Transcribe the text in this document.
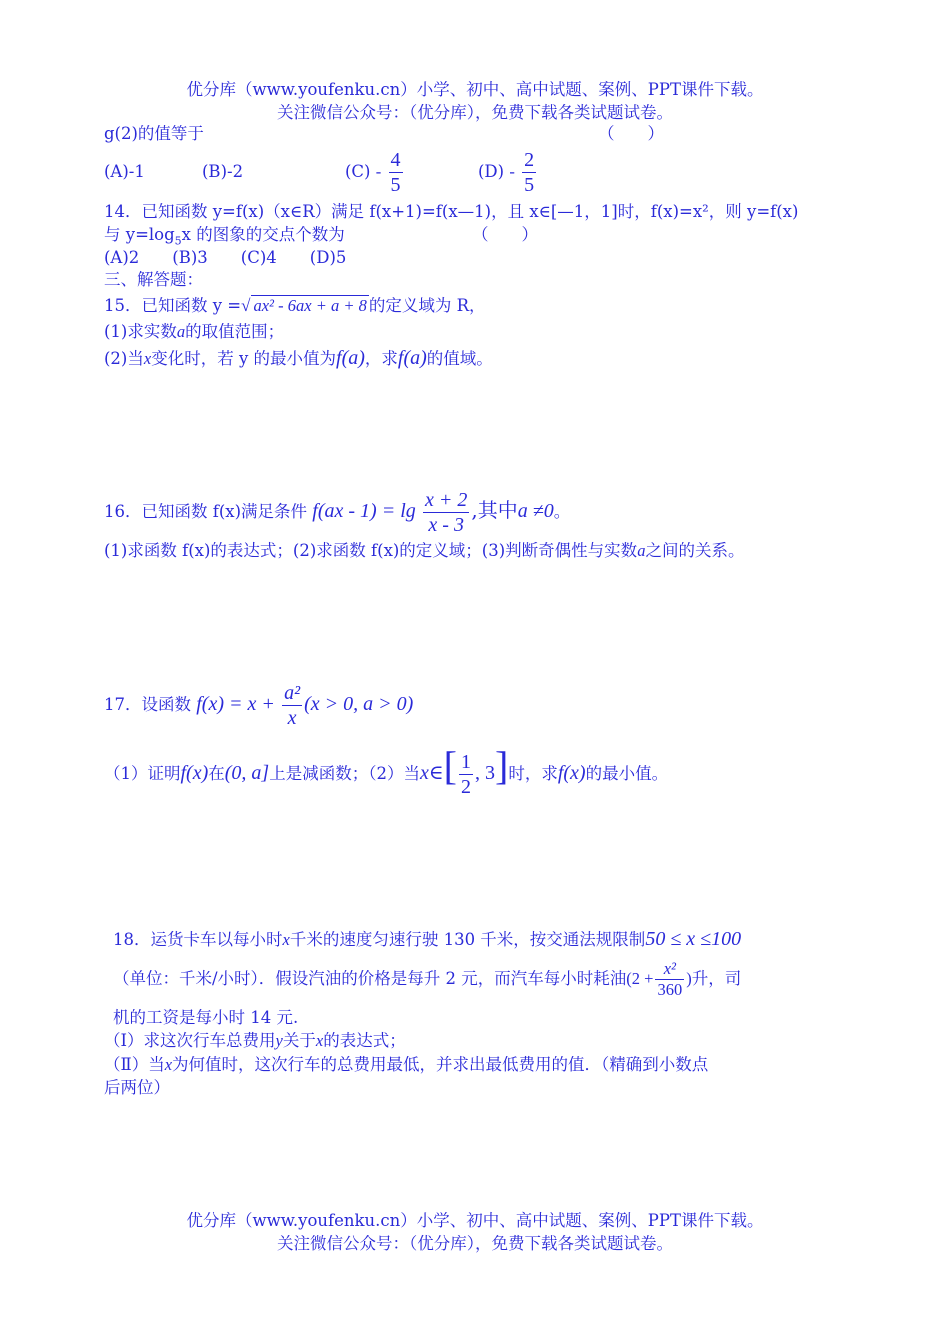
优分库（www.youfenku.cn）小学、初中、高中试题、案例、PPT课件下载。
关注微信公众号：（优分库），免费下载各类试题试卷。
g(2)的值等于	（　　）
(A)-1	(B)-2	$(C) - \frac{4}{5}$	$(D) - \frac{2}{5}$
14．已知函数 y=f(x)（x∈R）满足 f(x+1)=f(x—1)，且 x∈[—1，1]时，f(x)=x²，则 y=f(x)
与 $y=\log_5x$ 的图象的交点个数为	（　　）
(A)2　　(B)3　　(C)4　　(D)5
三、解答题：
15．已知函数 y =√ ax² - 6ax + a + 8 的定义域为 R，
(1)求实数a的取值范围；
(2)当x变化时，若 y 的最小值为f(a)，求f(a)的值域。
16．已知函数 f(x)满足条件 $f(ax - 1) = \lg \frac{x + 2}{x - 3}$ ,其中a ≠0。
(1)求函数 f(x)的表达式；(2)求函数 f(x)的定义域；(3)判断奇偶性与实数a之间的关系。
17．设函数 $f(x) = x + \frac{\text{a²}}{x} (x > 0$, a > 0)
（1）证明f(x)在(0, a]上是减函数；（2）当x∈[ $\frac{1}{2}$ , 3]时，求f(x)的最小值。
18．运货卡车以每小时x千米的速度匀速行驶 130 千米，按交通法规限制50 ≤ x ≤100
（单位：千米/小时）．假设汽油的价格是每升 2 元，而汽车每小时耗油($2 + \frac{\text{x²}}{360}$ )升，司
机的工资是每小时 14 元.
（Ⅰ）求这次行车总费用y关于x的表达式；
（Ⅱ）当x为何值时，这次行车的总费用最低，并求出最低费用的值．（精确到小数点
后两位）
优分库（www.youfenku.cn）小学、初中、高中试题、案例、PPT课件下载。
关注微信公众号：（优分库），免费下载各类试题试卷。
